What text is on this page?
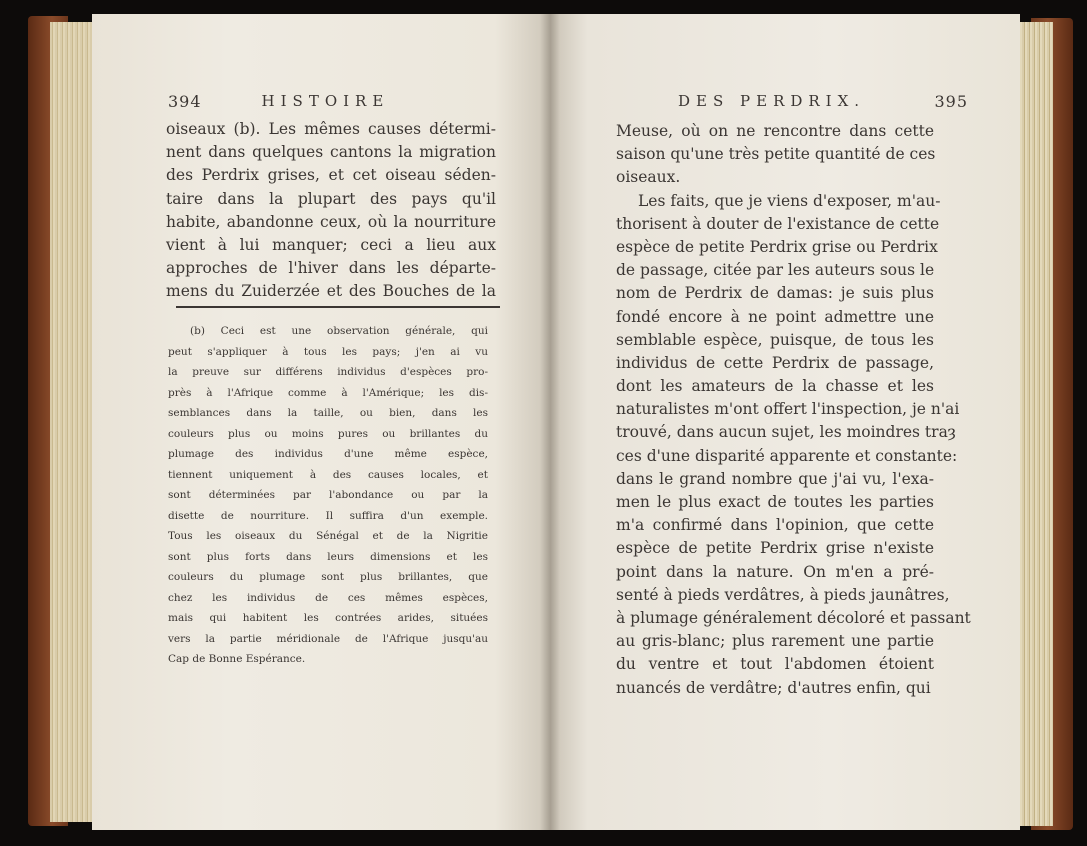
394	HISTOIRE
oiseaux (b). Les mêmes causes détermi-
nent dans quelques cantons la migration
des Perdrix grises, et cet oiseau séden-
taire dans la plupart des pays qu'il
habite, abandonne ceux, où la nourriture
vient à lui manquer; ceci a lieu aux
approches de l'hiver dans les départe-
mens du Zuiderzée et des Bouches de la
(b) Ceci est une observation générale, qui
peut s'appliquer à tous les pays; j'en ai vu
la preuve sur différens individus d'espèces pro-
près à l'Afrique comme à l'Amérique; les dis-
semblances dans la taille, ou bien, dans les
couleurs plus ou moins pures ou brillantes du
plumage des individus d'une même espèce,
tiennent uniquement à des causes locales, et
sont déterminées par l'abondance ou par la
disette de nourriture. Il suffira d'un exemple.
Tous les oiseaux du Sénégal et de la Nigritie
sont plus forts dans leurs dimensions et les
couleurs du plumage sont plus brillantes, que
chez les individus de ces mêmes espèces,
mais qui habitent les contrées arides, situées
vers la partie méridionale de l'Afrique jusqu'au
Cap de Bonne Espérance.
DES PERDRIX.	395
Meuse, où on ne rencontre dans cette
saison qu'une très petite quantité de ces
oiseaux.
Les faits, que je viens d'exposer, m'au-
thorisent à douter de l'existance de cette
espèce de petite Perdrix grise ou Perdrix
de passage, citée par les auteurs sous le
nom de Perdrix de damas: je suis plus
fondé encore à ne point admettre une
semblable espèce, puisque, de tous les
individus de cette Perdrix de passage,
dont les amateurs de la chasse et les
naturalistes m'ont offert l'inspection, je n'ai
trouvé, dans aucun sujet, les moindres traȝ
ces d'une disparité apparente et constante:
dans le grand nombre que j'ai vu, l'exa-
men le plus exact de toutes les parties
m'a confirmé dans l'opinion, que cette
espèce de petite Perdrix grise n'existe
point dans la nature. On m'en a pré-
senté à pieds verdâtres, à pieds jaunâtres,
à plumage généralement décoloré et passant
au gris-blanc; plus rarement une partie
du ventre et tout l'abdomen étoient
nuancés de verdâtre; d'autres enfin, qui
